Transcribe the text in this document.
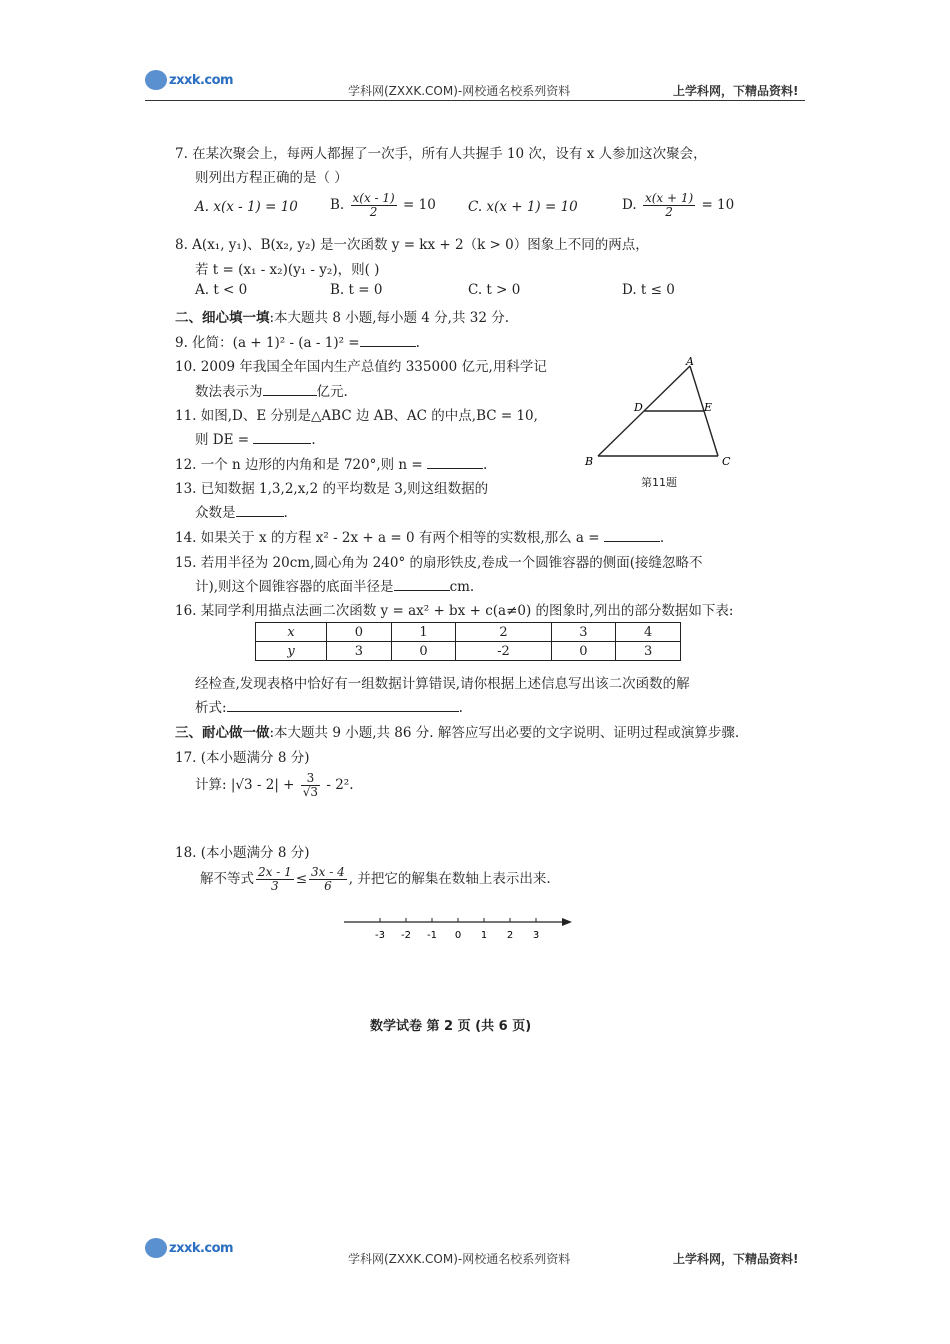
zxxk.com
学科网(ZXXK.COM)-网校通名校系列资料	上学科网，下精品资料!
7. 在某次聚会上，每两人都握了一次手，所有人共握手 10 次，设有 x 人参加这次聚会，
则列出方程正确的是（ ）
A. x(x - 1) = 10 B. $\frac{x(x - 1)}{2} = 10$ C. x(x + 1) = 10	D. $\frac{x(x + 1)}{2} = 10$
8. A(x₁, y₁)、B(x₂, y₂) 是一次函数 y = kx + 2（k > 0）图象上不同的两点，
若 t = (x₁ - x₂)(y₁ - y₂)，则( )
A. t < 0	B. t = 0	C. t > 0	D. t ≤ 0
二、细心填一填:本大题共 8 小题,每小题 4 分,共 32 分.
9. 化简：(a + 1)² - (a - 1)² =	.
10. 2009 年我国全年国内生产总值约 335000 亿元,用科学记
数法表示为	亿元.
11. 如图,D、E 分别是△ABC 边 AB、AC 的中点,BC = 10,
则 DE =	.
12. 一个 n 边形的内角和是 720°,则 n =	.
13. 已知数据 1,3,2,x,2 的平均数是 3,则这组数据的
众数是	.
14. 如果关于 x 的方程 x² - 2x + a = 0 有两个相等的实数根,那么 a =	.
15. 若用半径为 20cm,圆心角为 240° 的扇形铁皮,卷成一个圆锥容器的侧面(接缝忽略不
计),则这个圆锥容器的底面半径是	cm.
16. 某同学利用描点法画二次函数 y = ax² + bx + c(a≠0) 的图象时,列出的部分数据如下表:
x	0	1	2	3	4
y	3	0	-2	0	3
经检查,发现表格中恰好有一组数据计算错误,请你根据上述信息写出该二次函数的解
析式:	.
三、耐心做一做:本大题共 9 小题,共 86 分. 解答应写出必要的文字说明、证明过程或演算步骤.
17. (本小题满分 8 分)
计算: $|√3 - 2| + \frac{3}{√3} - 2^2$.
18. (本小题满分 8 分)
解不等式 $\frac{2x - 1}{3} \le \frac{3x - 4}{6}$ , 并把它的解集在数轴上表示出来.
-3 -2 -1 0 1 2 3
A
D	E
B	C
第11题
数学试卷 第 2 页 (共 6 页)
zxxk.com
学科网(ZXXK.COM)-网校通名校系列资料	上学科网，下精品资料!
